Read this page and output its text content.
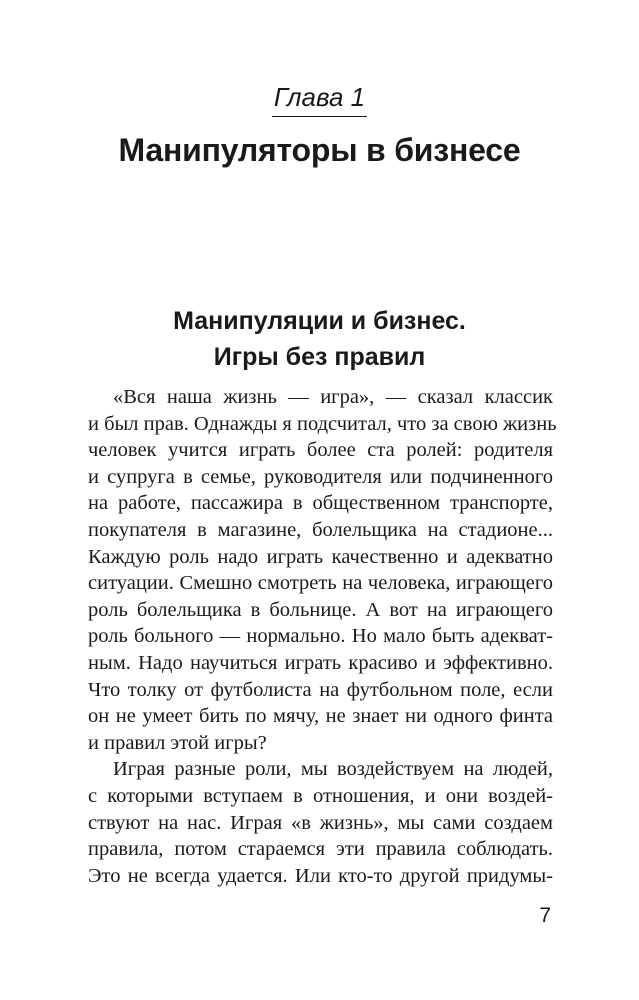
Глава 1
Манипуляторы в бизнесе
Манипуляции и бизнес.
Игры без правил
«Вся наша жизнь — игра», — сказал классик
и был прав. Однажды я подсчитал, что за свою жизнь
человек учится играть более ста ролей: родителя
и супруга в семье, руководителя или подчиненного
на работе, пассажира в общественном транспорте,
покупателя в магазине, болельщика на стадионе...
Каждую роль надо играть качественно и адекватно
ситуации. Смешно смотреть на человека, играющего
роль болельщика в больнице. А вот на играющего
роль больного — нормально. Но мало быть адекват-
ным. Надо научиться играть красиво и эффективно.
Что толку от футболиста на футбольном поле, если
он не умеет бить по мячу, не знает ни одного финта
и правил этой игры?
Играя разные роли, мы воздействуем на людей,
с которыми вступаем в отношения, и они воздей-
ствуют на нас. Играя «в жизнь», мы сами создаем
правила, потом стараемся эти правила соблюдать.
Это не всегда удается. Или кто-то другой придумы-
7
